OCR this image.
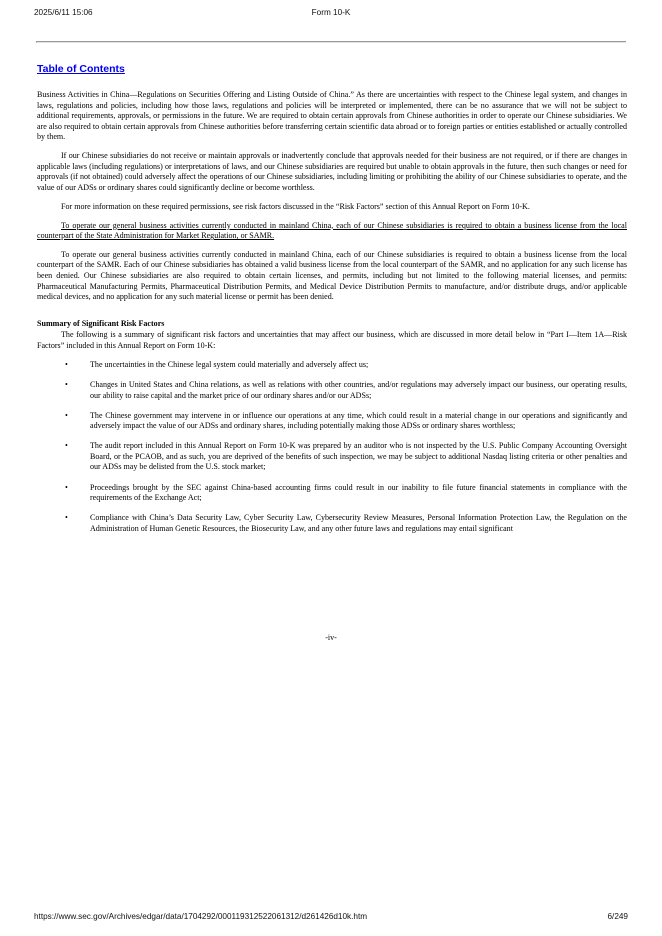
2025/6/11 15:06	Form 10-K
Table of Contents

Business Activities in China—Regulations on Securities Offering and Listing Outside of China.” As there are uncertainties with respect to the Chinese legal system, and changes in laws, regulations and policies, including how those laws, regulations and policies will be interpreted or implemented, there can be no assurance that we will not be subject to additional requirements, approvals, or permissions in the future. We are required to obtain certain approvals from Chinese authorities in order to operate our Chinese subsidiaries. We are also required to obtain certain approvals from Chinese authorities before transferring certain scientific data abroad or to foreign parties or entities established or actually controlled by them.

If our Chinese subsidiaries do not receive or maintain approvals or inadvertently conclude that approvals needed for their business are not required, or if there are changes in applicable laws (including regulations) or interpretations of laws, and our Chinese subsidiaries are required but unable to obtain approvals in the future, then such changes or need for approvals (if not obtained) could adversely affect the operations of our Chinese subsidiaries, including limiting or prohibiting the ability of our Chinese subsidiaries to operate, and the value of our ADSs or ordinary shares could significantly decline or become worthless.

For more information on these required permissions, see risk factors discussed in the “Risk Factors” section of this Annual Report on Form 10-K.

To operate our general business activities currently conducted in mainland China, each of our Chinese subsidiaries is required to obtain a business license from the local counterpart of the State Administration for Market Regulation, or SAMR.

To operate our general business activities currently conducted in mainland China, each of our Chinese subsidiaries is required to obtain a business license from the local counterpart of the SAMR. Each of our Chinese subsidiaries has obtained a valid business license from the local counterpart of the SAMR, and no application for any such license has been denied. Our Chinese subsidiaries are also required to obtain certain licenses, and permits, including but not limited to the following material licenses, and permits: Pharmaceutical Manufacturing Permits, Pharmaceutical Distribution Permits, and Medical Device Distribution Permits to manufacture, and/or distribute drugs, and/or applicable medical devices, and no application for any such material license or permit has been denied.

Summary of Significant Risk Factors

The following is a summary of significant risk factors and uncertainties that may affect our business, which are discussed in more detail below in “Part I—Item 1A—Risk Factors” included in this Annual Report on Form 10-K:

•	The uncertainties in the Chinese legal system could materially and adversely affect us;
•	Changes in United States and China relations, as well as relations with other countries, and/or regulations may adversely impact our business, our operating results, our ability to raise capital and the market price of our ordinary shares and/or our ADSs;
•	The Chinese government may intervene in or influence our operations at any time, which could result in a material change in our operations and significantly and adversely impact the value of our ADSs and ordinary shares, including potentially making those ADSs or ordinary shares worthless;
•	The audit report included in this Annual Report on Form 10-K was prepared by an auditor who is not inspected by the U.S. Public Company Accounting Oversight Board, or the PCAOB, and as such, you are deprived of the benefits of such inspection, we may be subject to additional Nasdaq listing criteria or other penalties and our ADSs may be delisted from the U.S. stock market;
•	Proceedings brought by the SEC against China-based accounting firms could result in our inability to file future financial statements in compliance with the requirements of the Exchange Act;
•	Compliance with China’s Data Security Law, Cyber Security Law, Cybersecurity Review Measures, Personal Information Protection Law, the Regulation on the Administration of Human Genetic Resources, the Biosecurity Law, and any other future laws and regulations may entail significant
-iv-
https://www.sec.gov/Archives/edgar/data/1704292/000119312522061312/d261426d10k.htm	6/249
